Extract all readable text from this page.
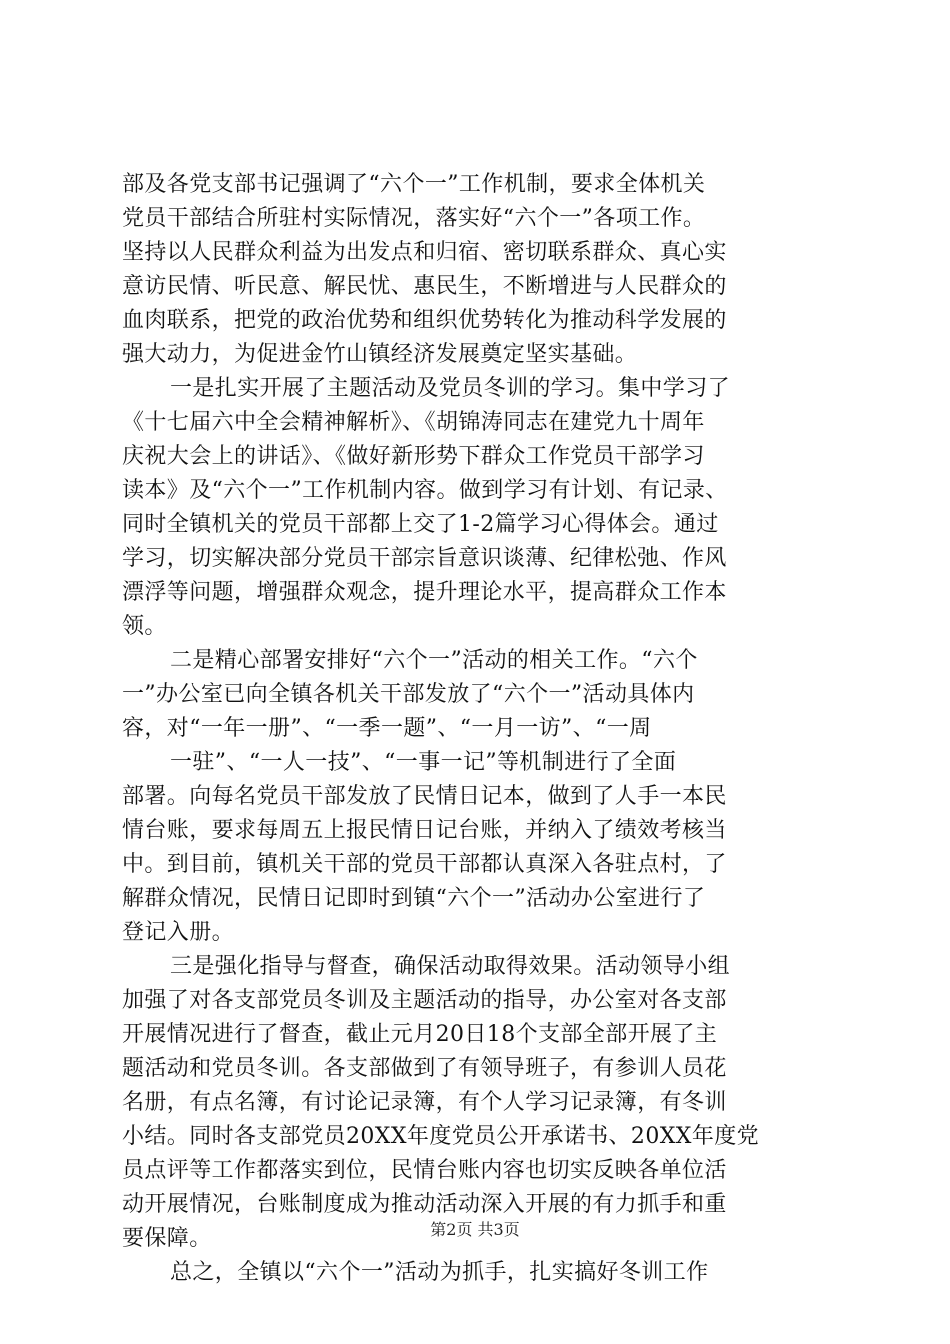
部及各党支部书记强调了“六个一”工作机制，要求全体机关
党员干部结合所驻村实际情况，落实好“六个一”各项工作。
坚持以人民群众利益为出发点和归宿、密切联系群众、真心实
意访民情、听民意、解民忧、惠民生，不断增进与人民群众的
血肉联系，把党的政治优势和组织优势转化为推动科学发展的
强大动力，为促进金竹山镇经济发展奠定坚实基础。
一是扎实开展了主题活动及党员冬训的学习。集中学习了
《十七届六中全会精神解析》、《胡锦涛同志在建党九十周年
庆祝大会上的讲话》、《做好新形势下群众工作党员干部学习
读本》及“六个一”工作机制内容。做到学习有计划、有记录、
同时全镇机关的党员干部都上交了1-2篇学习心得体会。通过
学习，切实解决部分党员干部宗旨意识谈薄、纪律松弛、作风
漂浮等问题，增强群众观念，提升理论水平，提高群众工作本
领。
二是精心部署安排好“六个一”活动的相关工作。“六个
一”办公室已向全镇各机关干部发放了“六个一”活动具体内
容，对“一年一册”、“一季一题”、“一月一访”、“一周
一驻”、“一人一技”、“一事一记”等机制进行了全面
部署。向每名党员干部发放了民情日记本，做到了人手一本民
情台账，要求每周五上报民情日记台账，并纳入了绩效考核当
中。到目前，镇机关干部的党员干部都认真深入各驻点村，了
解群众情况，民情日记即时到镇“六个一”活动办公室进行了
登记入册。
三是强化指导与督查，确保活动取得效果。活动领导小组
加强了对各支部党员冬训及主题活动的指导，办公室对各支部
开展情况进行了督查，截止元月20日18个支部全部开展了主
题活动和党员冬训。各支部做到了有领导班子，有参训人员花
名册，有点名簿，有讨论记录簿，有个人学习记录簿，有冬训
小结。同时各支部党员20XX年度党员公开承诺书、20XX年度党
员点评等工作都落实到位，民情台账内容也切实反映各单位活
动开展情况，台账制度成为推动活动深入开展的有力抓手和重
要保障。
总之，全镇以“六个一”活动为抓手，扎实搞好冬训工作
第2页 共3页
